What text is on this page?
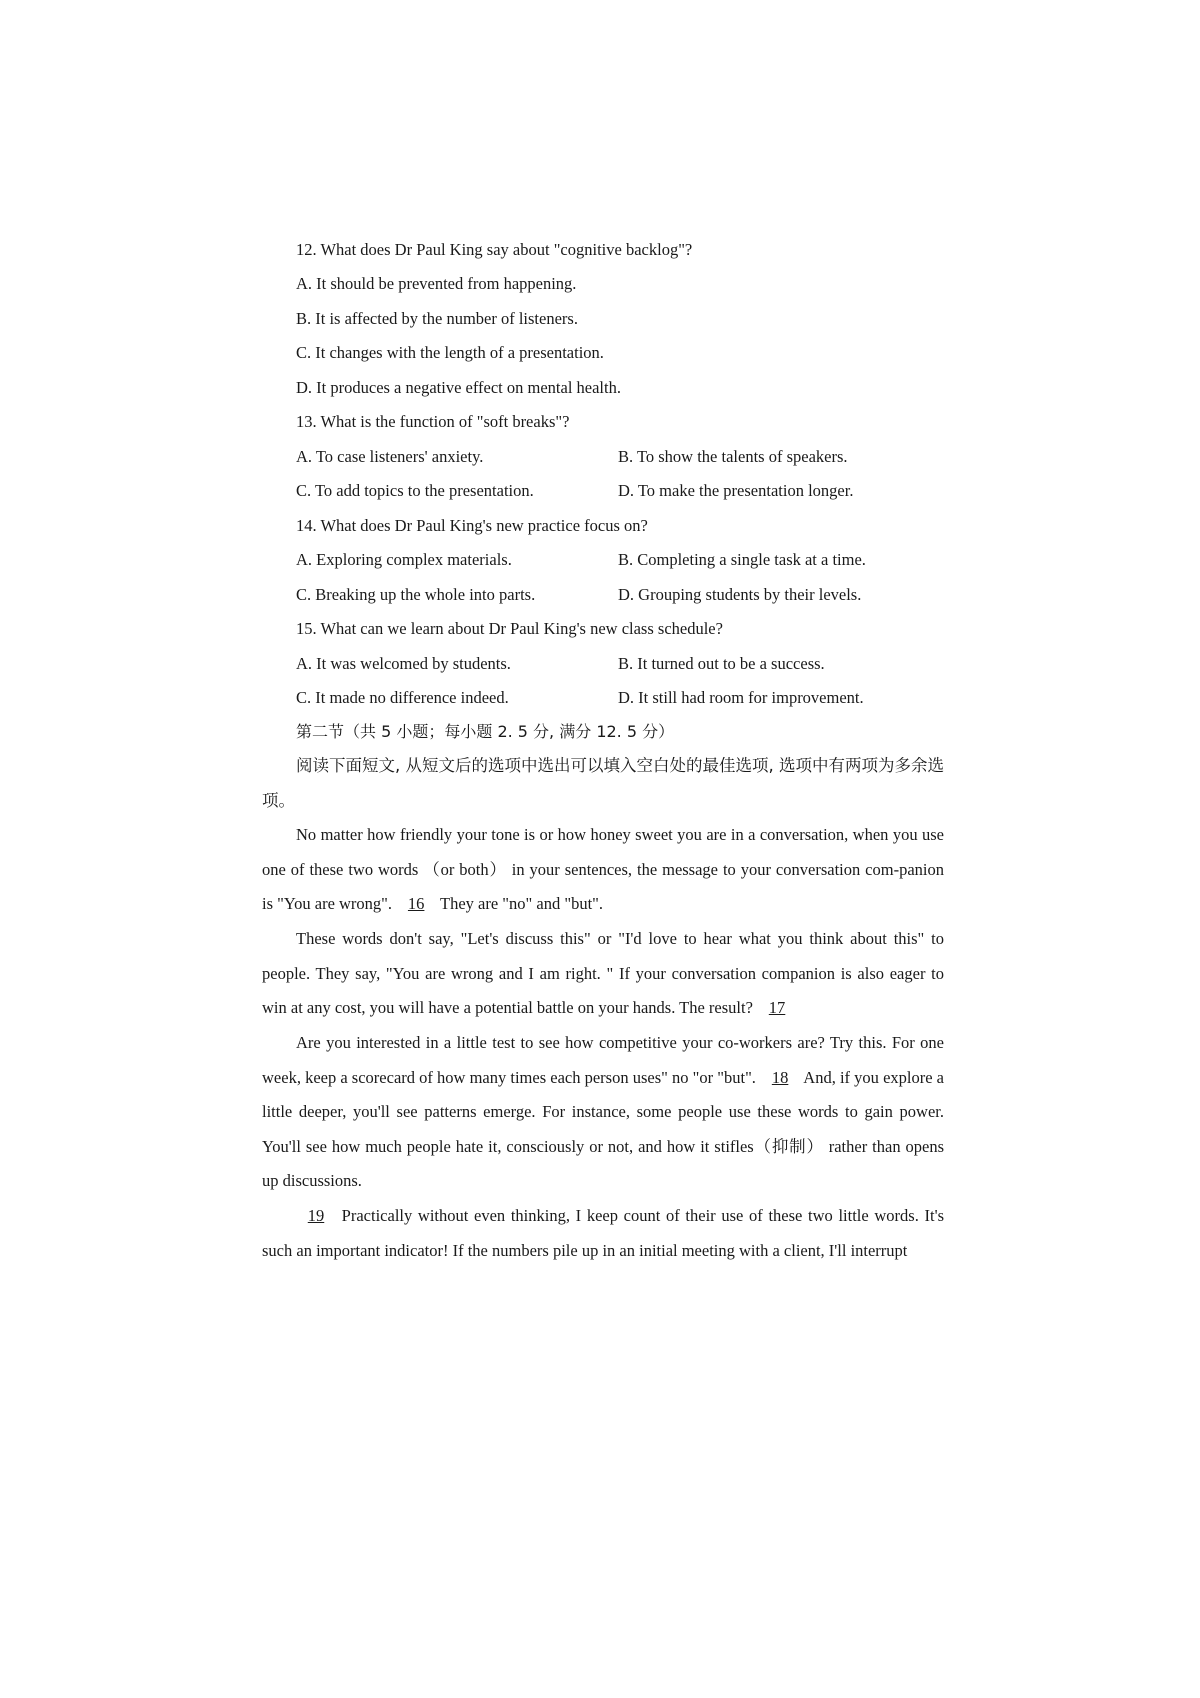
12. What does Dr Paul King say about "cognitive backlog"?
A. It should be prevented from happening.
B. It is affected by the number of listeners.
C. It changes with the length of a presentation.
D. It produces a negative effect on mental health.
13. What is the function of "soft breaks"?
A. To case listeners' anxiety.	B. To show the talents of speakers.
C. To add topics to the presentation.	D. To make the presentation longer.
14. What does Dr Paul King's new practice focus on?
A. Exploring complex materials.	B. Completing a single task at a time.
C. Breaking up the whole into parts.	D. Grouping students by their levels.
15. What can we learn about Dr Paul King's new class schedule?
A. It was welcomed by students.	B. It turned out to be a success.
C. It made no difference indeed.	D. It still had room for improvement.
第二节（共 5 小题；每小题 2. 5 分, 满分 12. 5 分）
阅读下面短文, 从短文后的选项中选出可以填入空白处的最佳选项, 选项中有两项为多余选项。
No matter how friendly your tone is or how honey sweet you are in a conversation, when you use one of these two words （or both） in your sentences, the message to your conversation com-panion is "You are wrong". 16 They are "no" and "but".
These words don't say, "Let's discuss this" or "I'd love to hear what you think about this" to people. They say, "You are wrong and I am right. " If your conversation companion is also eager to win at any cost, you will have a potential battle on your hands. The result? 17
Are you interested in a little test to see how competitive your co-workers are? Try this. For one week, keep a scorecard of how many times each person uses" no "or "but". 18 And, if you explore a little deeper, you'll see patterns emerge. For instance, some people use these words to gain power. You'll see how much people hate it, consciously or not, and how it stifles（抑制） rather than opens up discussions.
19 Practically without even thinking, I keep count of their use of these two little words. It's such an important indicator! If the numbers pile up in an initial meeting with a client, I'll interrupt
